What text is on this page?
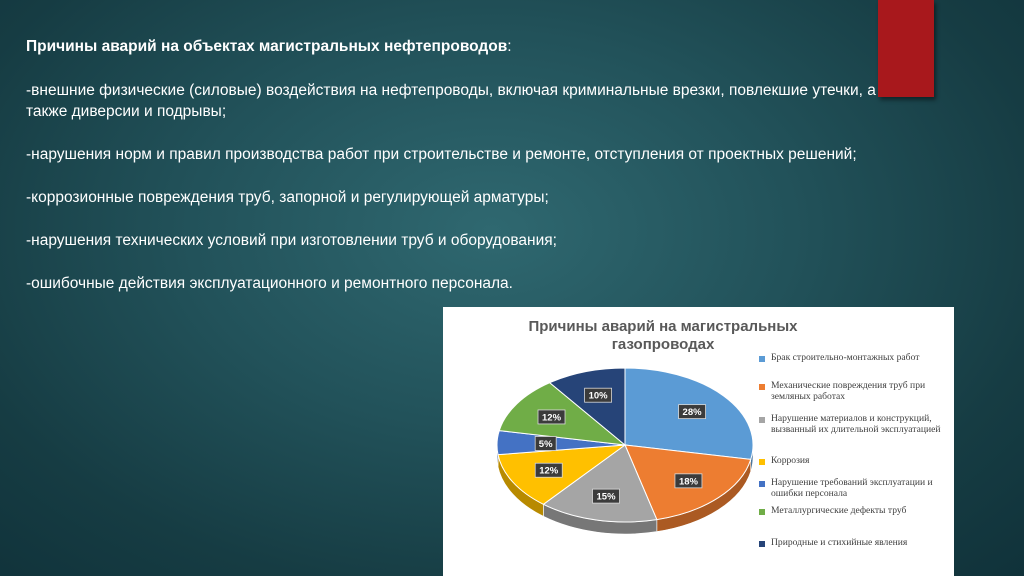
Причины аварий на объектах магистральных нефтепроводов:
-внешние физические (силовые) воздействия на нефтепроводы, включая криминальные врезки, повлекшие утечки, а также диверсии и подрывы;
-нарушения норм и правил производства работ при строительстве и ремонте, отступления от проектных решений;
-коррозионные повреждения труб, запорной и регулирующей арматуры;
-нарушения технических условий при изготовлении труб и оборудования;
-ошибочные действия эксплуатационного и ремонтного персонала.
Причины аварий на магистральных
газопроводах
28%
18%
15%
12%
5%
12%
10%
Брак строительно-монтажных работ
Механические повреждения труб при земляных работах
Нарушение материалов и конструкций, вызванный их длительной эксплуатацией
Коррозия
Нарушение требований эксплуатации и ошибки персонала
Металлургические дефекты труб
Природные и стихийные явления
